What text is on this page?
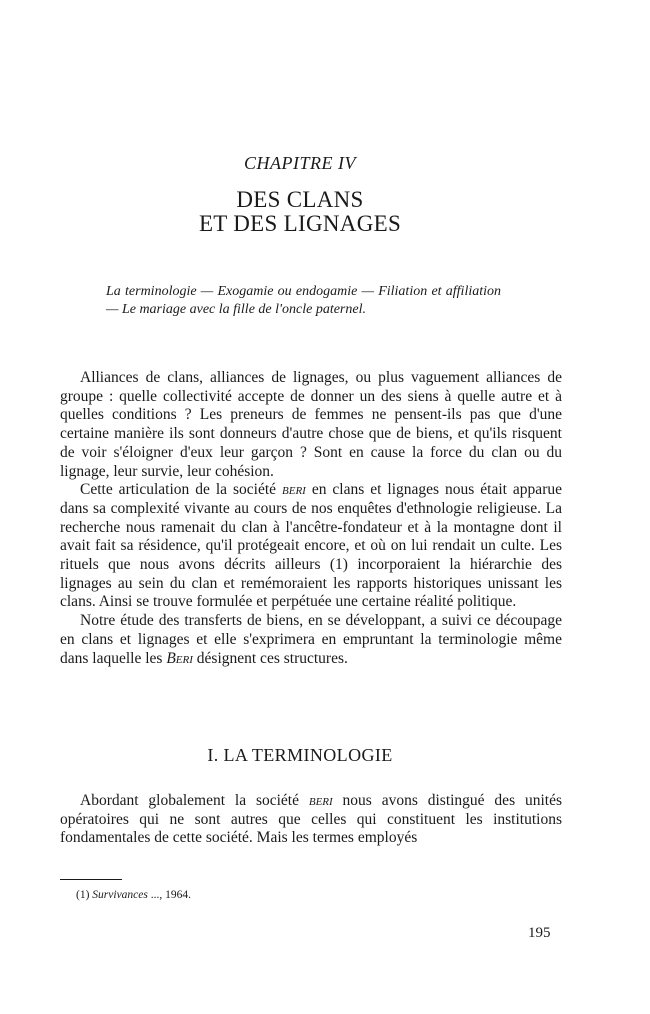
CHAPITRE IV
DES CLANS
ET DES LIGNAGES
La terminologie — Exogamie ou endogamie — Filiation et affiliation — Le mariage avec la fille de l'oncle paternel.

Alliances de clans, alliances de lignages, ou plus vaguement alliances de groupe : quelle collectivité accepte de donner un des siens à quelle autre et à quelles conditions ? Les preneurs de femmes ne pensent-ils pas que d'une certaine manière ils sont donneurs d'autre chose que de biens, et qu'ils risquent de voir s'éloigner d'eux leur garçon ? Sont en cause la force du clan ou du lignage, leur survie, leur cohésion.

Cette articulation de la société beri en clans et lignages nous était apparue dans sa complexité vivante au cours de nos enquêtes d'ethnologie religieuse. La recherche nous ramenait du clan à l'ancêtre-fondateur et à la montagne dont il avait fait sa résidence, qu'il protégeait encore, et où on lui rendait un culte. Les rituels que nous avons décrits ailleurs (1) incorporaient la hiérarchie des lignages au sein du clan et remémoraient les rapports historiques unissant les clans. Ainsi se trouve formulée et perpétuée une certaine réalité politique.

Notre étude des transferts de biens, en se développant, a suivi ce découpage en clans et lignages et elle s'exprimera en empruntant la terminologie même dans laquelle les Beri désignent ces structures.

I. LA TERMINOLOGIE

Abordant globalement la société beri nous avons distingué des unités opératoires qui ne sont autres que celles qui constituent les institutions fondamentales de cette société. Mais les termes employés

(1) Survivances ..., 1964.
195
